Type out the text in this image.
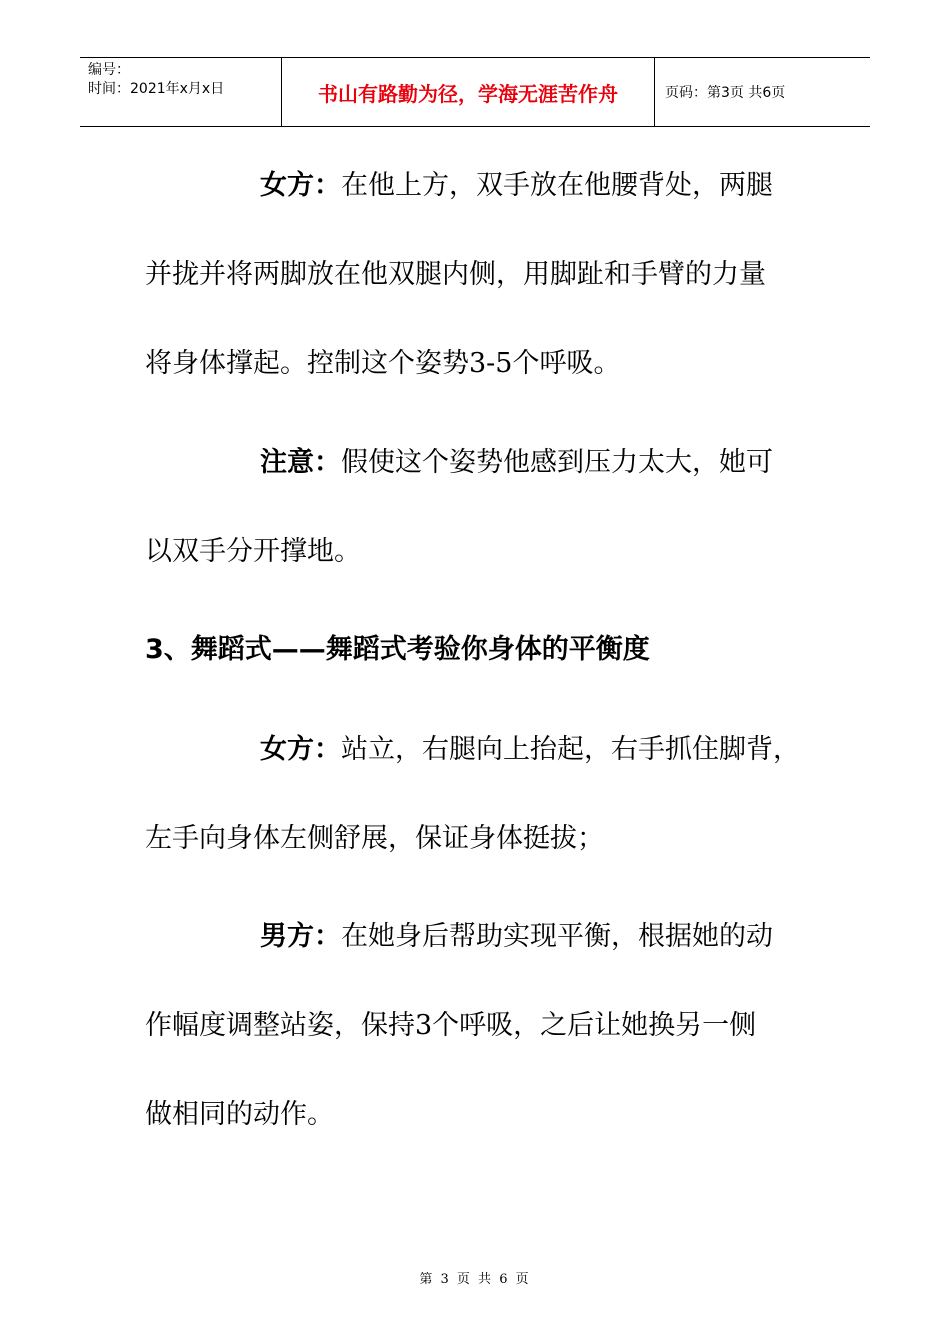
编号：
时间：2021年x月x日	书山有路勤为径，学海无涯苦作舟	页码：第3页 共6页
女方：在他上方，双手放在他腰背处，两腿
并拢并将两脚放在他双腿内侧，用脚趾和手臂的力量
将身体撑起。控制这个姿势3-5个呼吸。
注意：假使这个姿势他感到压力太大，她可
以双手分开撑地。
3、舞蹈式——舞蹈式考验你身体的平衡度
女方：站立，右腿向上抬起，右手抓住脚背，
左手向身体左侧舒展，保证身体挺拔；
男方：在她身后帮助实现平衡，根据她的动
作幅度调整站姿，保持3个呼吸，之后让她换另一侧
做相同的动作。
第 3 页 共 6 页
